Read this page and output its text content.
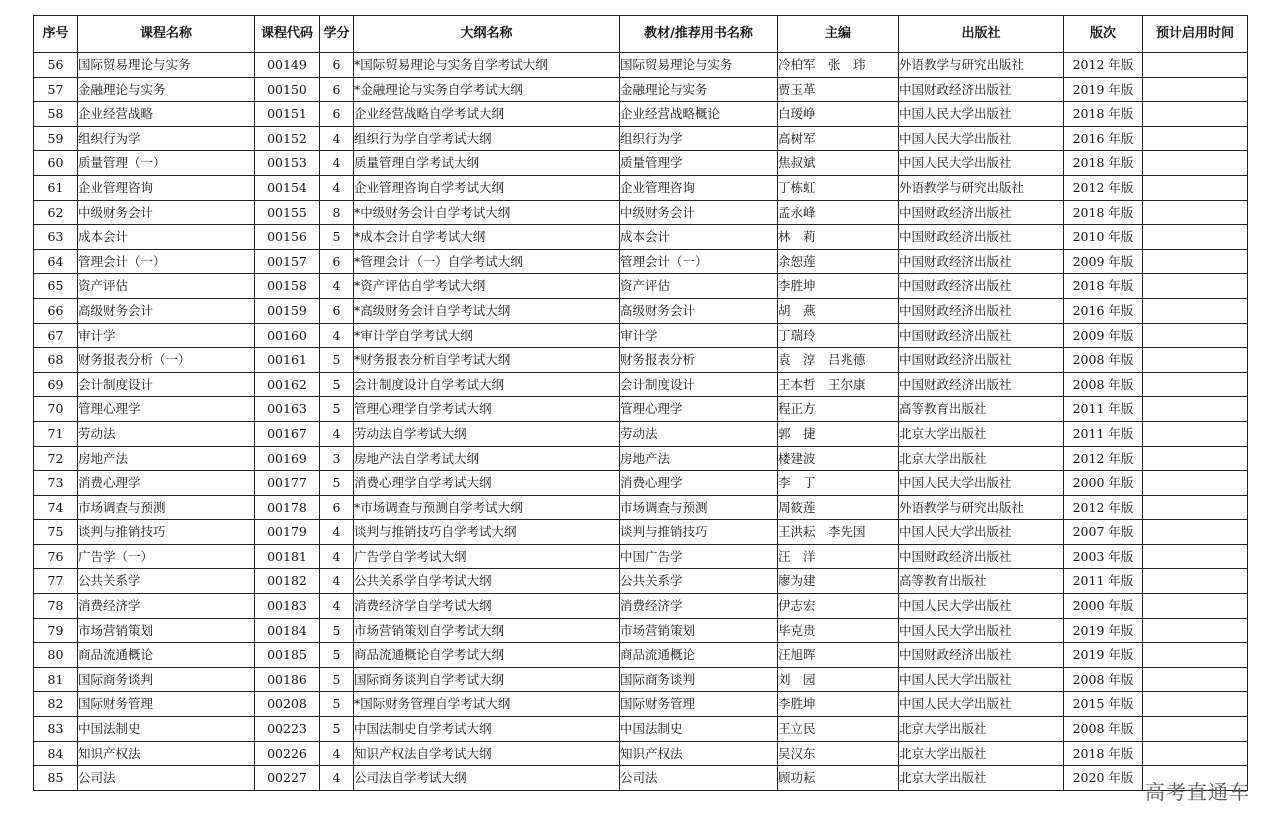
序号	课程名称	课程代码	学分	大纲名称	教材/推荐用书名称	主编	出版社	版次	预计启用时间
56	国际贸易理论与实务	00149	6	*国际贸易理论与实务自学考试大纲	国际贸易理论与实务	冷柏军　张　玮	外语教学与研究出版社	2012 年版	
57	金融理论与实务	00150	6	*金融理论与实务自学考试大纲	金融理论与实务	贾玉革	中国财政经济出版社	2019 年版	
58	企业经营战略	00151	6	企业经营战略自学考试大纲	企业经营战略概论	白瑷峥	中国人民大学出版社	2018 年版	
59	组织行为学	00152	4	组织行为学自学考试大纲	组织行为学	高树军	中国人民大学出版社	2016 年版	
60	质量管理（一）	00153	4	质量管理自学考试大纲	质量管理学	焦叔斌	中国人民大学出版社	2018 年版	
61	企业管理咨询	00154	4	企业管理咨询自学考试大纲	企业管理咨询	丁栋虹	外语教学与研究出版社	2012 年版	
62	中级财务会计	00155	8	*中级财务会计自学考试大纲	中级财务会计	孟永峰	中国财政经济出版社	2018 年版	
63	成本会计	00156	5	*成本会计自学考试大纲	成本会计	林　莉	中国财政经济出版社	2010 年版	
64	管理会计（一）	00157	6	*管理会计（一）自学考试大纲	管理会计（一）	余恕莲	中国财政经济出版社	2009 年版	
65	资产评估	00158	4	*资产评估自学考试大纲	资产评估	李胜坤	中国财政经济出版社	2018 年版	
66	高级财务会计	00159	6	*高级财务会计自学考试大纲	高级财务会计	胡　燕	中国财政经济出版社	2016 年版	
67	审计学	00160	4	*审计学自学考试大纲	审计学	丁瑞玲	中国财政经济出版社	2009 年版	
68	财务报表分析（一）	00161	5	*财务报表分析自学考试大纲	财务报表分析	袁　淳　吕兆德	中国财政经济出版社	2008 年版	
69	会计制度设计	00162	5	会计制度设计自学考试大纲	会计制度设计	王本哲　王尔康	中国财政经济出版社	2008 年版	
70	管理心理学	00163	5	管理心理学自学考试大纲	管理心理学	程正方	高等教育出版社	2011 年版	
71	劳动法	00167	4	劳动法自学考试大纲	劳动法	郭　捷	北京大学出版社	2011 年版	
72	房地产法	00169	3	房地产法自学考试大纲	房地产法	楼建波	北京大学出版社	2012 年版	
73	消费心理学	00177	5	消费心理学自学考试大纲	消费心理学	李　丁	中国人民大学出版社	2000 年版	
74	市场调查与预测	00178	6	*市场调查与预测自学考试大纲	市场调查与预测	周筱莲	外语教学与研究出版社	2012 年版	
75	谈判与推销技巧	00179	4	谈判与推销技巧自学考试大纲	谈判与推销技巧	王洪耘　李先国	中国人民大学出版社	2007 年版	
76	广告学（一）	00181	4	广告学自学考试大纲	中国广告学	汪　洋	中国财政经济出版社	2003 年版	
77	公共关系学	00182	4	公共关系学自学考试大纲	公共关系学	廖为建	高等教育出版社	2011 年版	
78	消费经济学	00183	4	消费经济学自学考试大纲	消费经济学	伊志宏	中国人民大学出版社	2000 年版	
79	市场营销策划	00184	5	市场营销策划自学考试大纲	市场营销策划	毕克贵	中国人民大学出版社	2019 年版	
80	商品流通概论	00185	5	商品流通概论自学考试大纲	商品流通概论	汪旭晖	中国财政经济出版社	2019 年版	
81	国际商务谈判	00186	5	国际商务谈判自学考试大纲	国际商务谈判	刘　园	中国人民大学出版社	2008 年版	
82	国际财务管理	00208	5	*国际财务管理自学考试大纲	国际财务管理	李胜坤	中国人民大学出版社	2015 年版	
83	中国法制史	00223	5	中国法制史自学考试大纲	中国法制史	王立民	北京大学出版社	2008 年版	
84	知识产权法	00226	4	知识产权法自学考试大纲	知识产权法	吴汉东	北京大学出版社	2018 年版	
85	公司法	00227	4	公司法自学考试大纲	公司法	顾功耘	北京大学出版社	2020 年版	
高考直通车
